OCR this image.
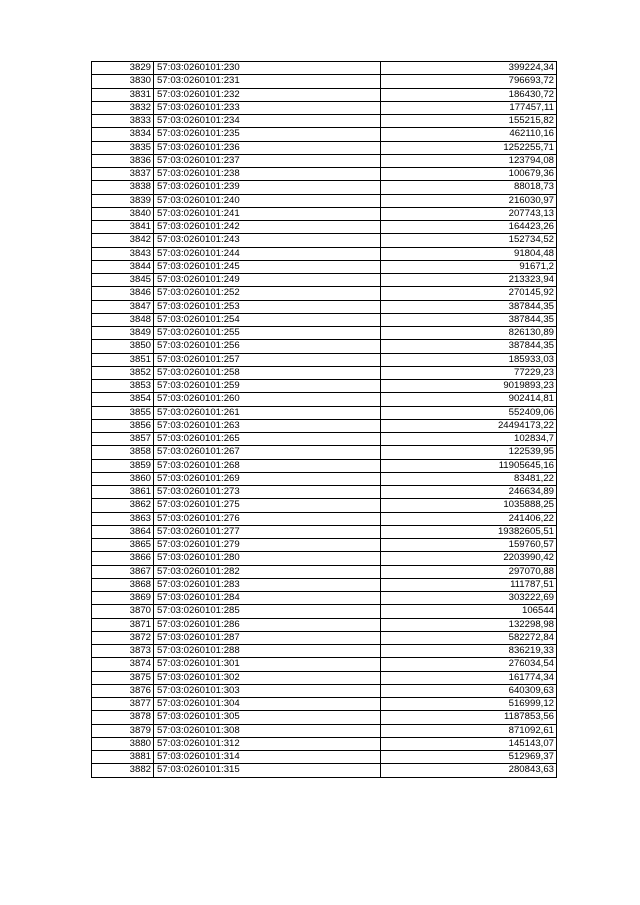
3829	57:03:0260101:230	399224,34
3830	57:03:0260101:231	796693,72
3831	57:03:0260101:232	186430,72
3832	57:03:0260101:233	177457,11
3833	57:03:0260101:234	155215,82
3834	57:03:0260101:235	462110,16
3835	57:03:0260101:236	1252255,71
3836	57:03:0260101:237	123794,08
3837	57:03:0260101:238	100679,36
3838	57:03:0260101:239	88018,73
3839	57:03:0260101:240	216030,97
3840	57:03:0260101:241	207743,13
3841	57:03:0260101:242	164423,26
3842	57:03:0260101:243	152734,52
3843	57:03:0260101:244	91804,48
3844	57:03:0260101:245	91671,2
3845	57:03:0260101:249	213323,94
3846	57:03:0260101:252	270145,92
3847	57:03:0260101:253	387844,35
3848	57:03:0260101:254	387844,35
3849	57:03:0260101:255	826130,89
3850	57:03:0260101:256	387844,35
3851	57:03:0260101:257	185933,03
3852	57:03:0260101:258	77229,23
3853	57:03:0260101:259	9019893,23
3854	57:03:0260101:260	902414,81
3855	57:03:0260101:261	552409,06
3856	57:03:0260101:263	24494173,22
3857	57:03:0260101:265	102834,7
3858	57:03:0260101:267	122539,95
3859	57:03:0260101:268	11905645,16
3860	57:03:0260101:269	83481,22
3861	57:03:0260101:273	246634,89
3862	57:03:0260101:275	1035888,25
3863	57:03:0260101:276	241406,22
3864	57:03:0260101:277	19382605,51
3865	57:03:0260101:279	159760,57
3866	57:03:0260101:280	2203990,42
3867	57:03:0260101:282	297070,88
3868	57:03:0260101:283	111787,51
3869	57:03:0260101:284	303222,69
3870	57:03:0260101:285	106544
3871	57:03:0260101:286	132298,98
3872	57:03:0260101:287	582272,84
3873	57:03:0260101:288	836219,33
3874	57:03:0260101:301	276034,54
3875	57:03:0260101:302	161774,34
3876	57:03:0260101:303	640309,63
3877	57:03:0260101:304	516999,12
3878	57:03:0260101:305	1187853,56
3879	57:03:0260101:308	871092,61
3880	57:03:0260101:312	145143,07
3881	57:03:0260101:314	512969,37
3882	57:03:0260101:315	280843,63
